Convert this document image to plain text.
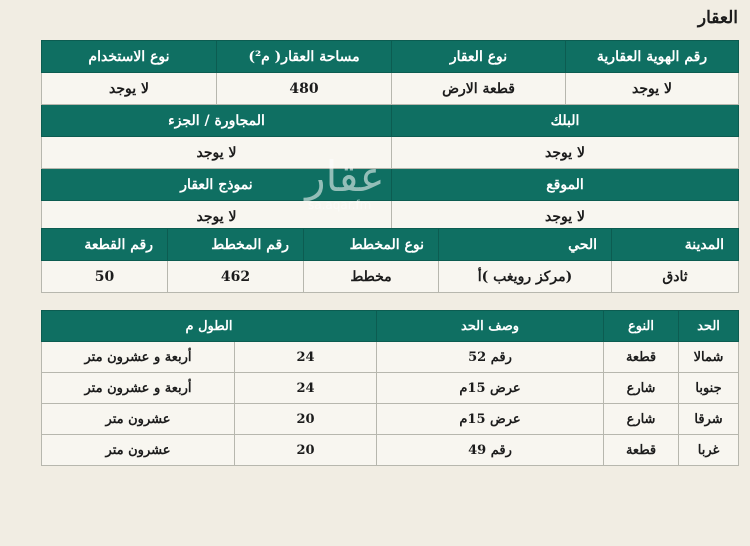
العقار
رقم الهوية العقارية	نوع العقار	مساحة العقار( م²)	نوع الاستخدام
لا يوجد	قطعة الارض	480	لا يوجد
البلك		المجاورة / الجزء	
لا يوجد		لا يوجد	
الموقع		نموذج العقار	
لا يوجد		لا يوجد	
المدينة	الحي	نوع المخطط	رقم المخطط	رقم القطعة
ثادق	(مركز رويغب )أ	مخطط	462	50
الحد	النوع	وصف الحد	الطول م	
شمالا	قطعة	رقم 52	24	أربعة و عشرون متر
جنوبا	شارع	عرض 15م	24	أربعة و عشرون متر
شرقا	شارع	عرض 15م	20	عشرون متر
غربا	قطعة	رقم 49	20	عشرون متر
عقار
sa.aqar.fm
